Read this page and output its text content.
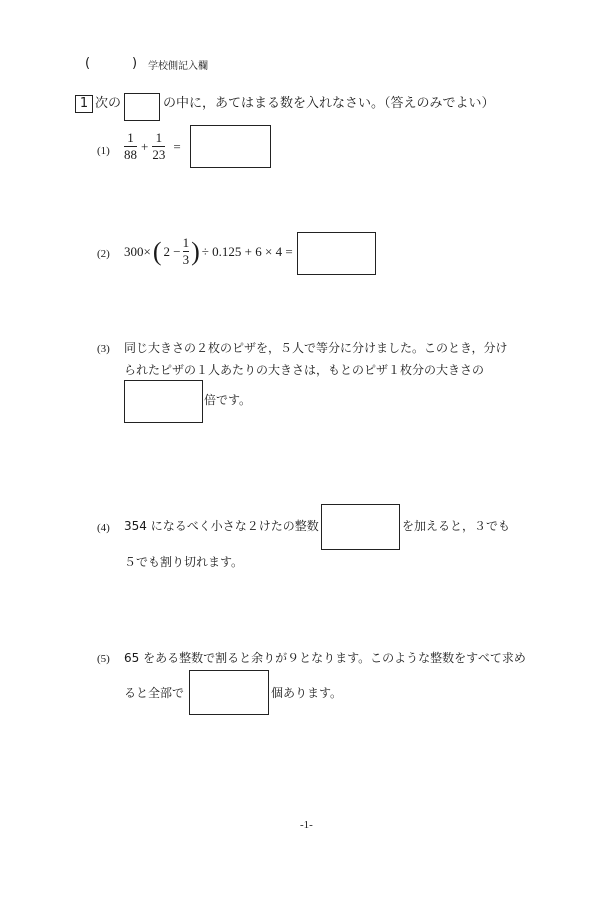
(	) 学校側記入欄
1 次の	の中に，あてはまる数を入れなさい。（答えのみでよい）
$(1) \frac{1}{88} + \frac{1}{23}$ =
(2) 300× ( $2 - \frac{1}{3}$ ) ÷ 0.125 + 6 × 4 =
(3) 同じ大きさの２枚のピザを，５人で等分に分けました。このとき，分け
られたピザの１人あたりの大きさは，もとのピザ１枚分の大きさの
倍です。
(4) 354 になるべく小さな２けたの整数	を加えると，３でも
５でも割り切れます。
(5) 65 をある整数で割ると余りが９となります。このような整数をすべて求め
ると全部で	個あります。
-1-
